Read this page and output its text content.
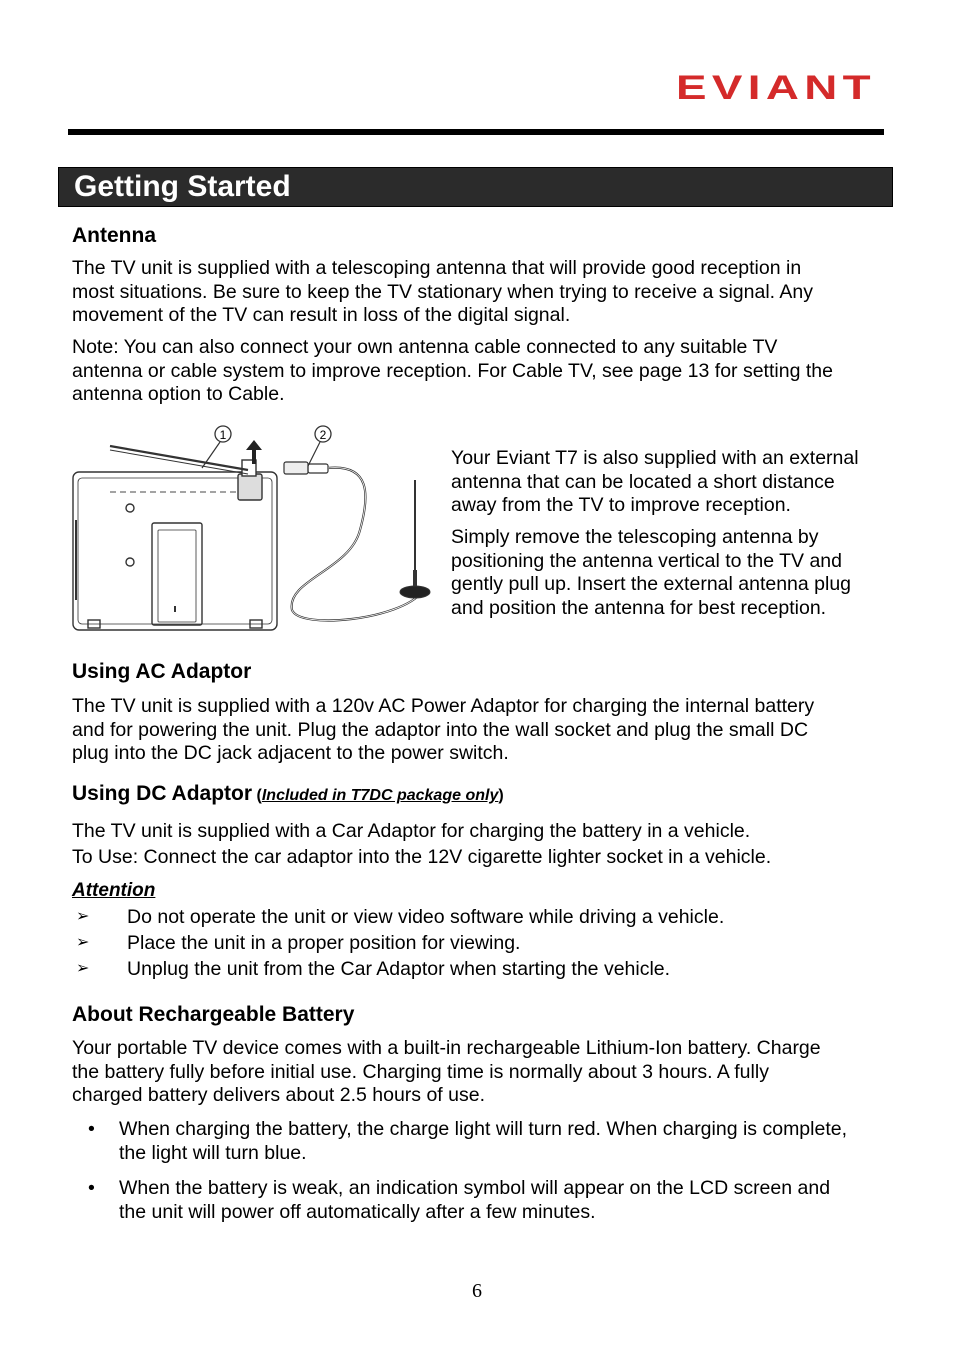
EVIANT
Getting Started
Antenna

The TV unit is supplied with a telescoping antenna that will provide good reception in

most situations. Be sure to keep the TV stationary when trying to receive a signal. Any

movement of the TV can result in loss of the digital signal.

Note: You can also connect your own antenna cable connected to any suitable TV

antenna or cable system to improve reception. For Cable TV, see page 13 for setting the

antenna option to Cable.

1	2

Your Eviant T7 is also supplied with an external

antenna that can be located a short distance

away from the TV to improve reception.

Simply remove the telescoping antenna by

positioning the antenna vertical to the TV and

gently pull up. Insert the external antenna plug

and position the antenna for best reception.

Using AC Adaptor

The TV unit is supplied with a 120v AC Power Adaptor for charging the internal battery

and for powering the unit. Plug the adaptor into the wall socket and plug the small DC

plug into the DC jack adjacent to the power switch.

Using DC Adaptor (Included in T7DC package only)

The TV unit is supplied with a Car Adaptor for charging the battery in a vehicle.

To Use: Connect the car adaptor into the 12V cigarette lighter socket in a vehicle.

Attention
➢ Do not operate the unit or view video software while driving a vehicle.
➢ Place the unit in a proper position for viewing.
➢ Unplug the unit from the Car Adaptor when starting the vehicle.
About Rechargeable Battery

Your portable TV device comes with a built-in rechargeable Lithium-Ion battery. Charge

the battery fully before initial use. Charging time is normally about 3 hours. A fully

charged battery delivers about 2.5 hours of use.

• When charging the battery, the charge light will turn red. When charging is complete,

the light will turn blue.

• When the battery is weak, an indication symbol will appear on the LCD screen and

the unit will power off automatically after a few minutes.

6
